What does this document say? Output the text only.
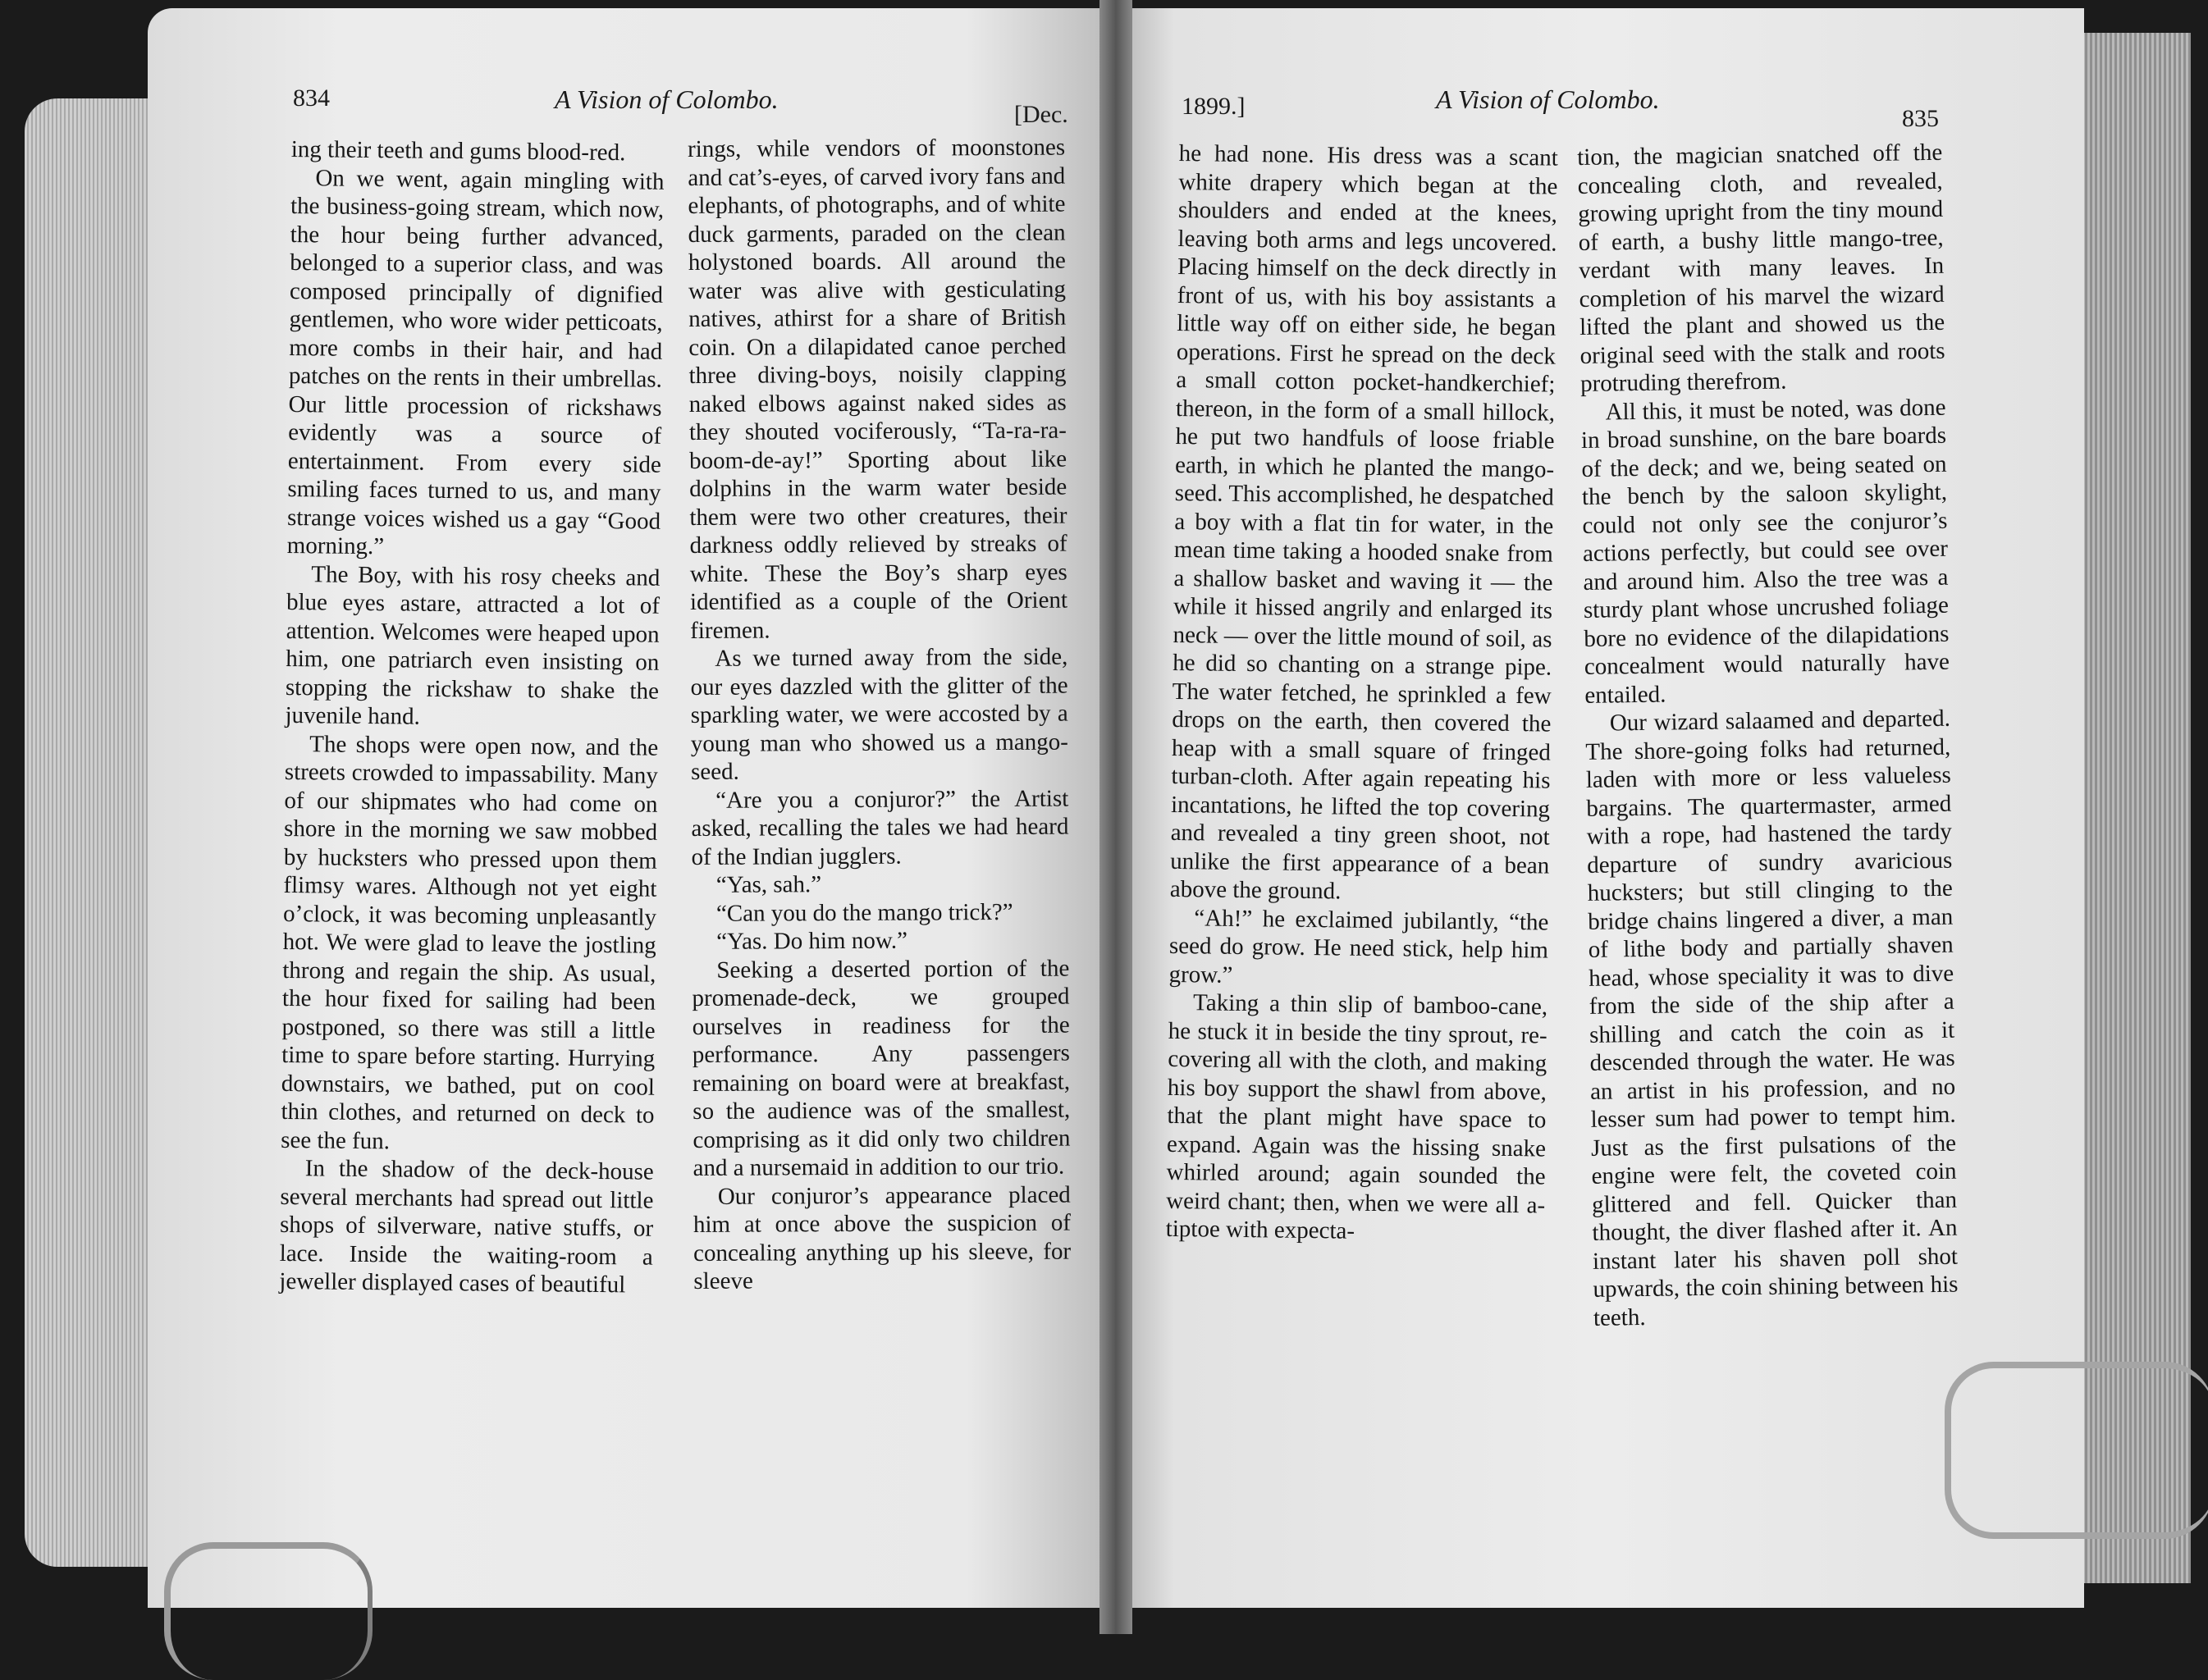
834	A Vision of Colombo.
[Dec.	1899.]	A Vision of Colombo.
835

ing their teeth and gums blood-red.

On we went, again mingling with the business-going stream, which now, the hour being further advanced, belonged to a superior class, and was composed principally of dignified gentlemen, who wore wider petticoats, more combs in their hair, and had patches on the rents in their umbrellas. Our little procession of rickshaws evidently was a source of entertainment. From every side smiling faces turned to us, and many strange voices wished us a gay “Good morning.”

The Boy, with his rosy cheeks and blue eyes astare, attracted a lot of attention. Welcomes were heaped upon him, one patriarch even insisting on stopping the rickshaw to shake the juvenile hand.

The shops were open now, and the streets crowded to impassability. Many of our shipmates who had come on shore in the morning we saw mobbed by hucksters who pressed upon them flimsy wares. Although not yet eight o’clock, it was becoming unpleasantly hot. We were glad to leave the jostling throng and regain the ship. As usual, the hour fixed for sailing had been postponed, so there was still a little time to spare before starting. Hurrying downstairs, we bathed, put on cool thin clothes, and returned on deck to see the fun.

In the shadow of the deck-house several merchants had spread out little shops of silverware, native stuffs, or lace. Inside the waiting-room a jeweller displayed cases of beautiful

rings, while vendors of moonstones and cat’s-eyes, of carved ivory fans and elephants, of photographs, and of white duck garments, paraded on the clean holystoned boards. All around the water was alive with gesticulating natives, athirst for a share of British coin. On a dilapidated canoe perched three diving-boys, noisily clapping naked elbows against naked sides as they shouted vociferously, “Ta-ra-ra-boom-de-ay!” Sporting about like dolphins in the warm water beside them were two other creatures, their darkness oddly relieved by streaks of white. These the Boy’s sharp eyes identified as a couple of the Orient firemen.

As we turned away from the side, our eyes dazzled with the glitter of the sparkling water, we were accosted by a young man who showed us a mango-seed.

“Are you a conjuror?” the Artist asked, recalling the tales we had heard of the Indian jugglers.

“Yas, sah.”

“Can you do the mango trick?”

“Yas. Do him now.”

Seeking a deserted portion of the promenade-deck, we grouped ourselves in readiness for the performance. Any passengers remaining on board were at breakfast, so the audience was of the smallest, comprising as it did only two children and a nursemaid in addition to our trio.

Our conjuror’s appearance placed him at once above the suspicion of concealing anything up his sleeve, for sleeve

he had none. His dress was a scant white drapery which began at the shoulders and ended at the knees, leaving both arms and legs uncovered. Placing himself on the deck directly in front of us, with his boy assistants a little way off on either side, he began operations. First he spread on the deck a small cotton pocket-handkerchief; thereon, in the form of a small hillock, he put two handfuls of loose friable earth, in which he planted the mango-seed. This accomplished, he despatched a boy with a flat tin for water, in the mean time taking a hooded snake from a shallow basket and waving it — the while it hissed angrily and enlarged its neck — over the little mound of soil, as he did so chanting on a strange pipe. The water fetched, he sprinkled a few drops on the earth, then covered the heap with a small square of fringed turban-cloth. After again repeating his incantations, he lifted the top covering and revealed a tiny green shoot, not unlike the first appearance of a bean above the ground.

“Ah!” he exclaimed jubilantly, “the seed do grow. He need stick, help him grow.”

Taking a thin slip of bamboo-cane, he stuck it in beside the tiny sprout, re-covering all with the cloth, and making his boy support the shawl from above, that the plant might have space to expand. Again was the hissing snake whirled around; again sounded the weird chant; then, when we were all a-tiptoe with expecta-

tion, the magician snatched off the concealing cloth, and revealed, growing upright from the tiny mound of earth, a bushy little mango-tree, verdant with many leaves. In completion of his marvel the wizard lifted the plant and showed us the original seed with the stalk and roots protruding therefrom.

All this, it must be noted, was done in broad sunshine, on the bare boards of the deck; and we, being seated on the bench by the saloon skylight, could not only see the conjuror’s actions perfectly, but could see over and around him. Also the tree was a sturdy plant whose uncrushed foliage bore no evidence of the dilapidations concealment would naturally have entailed.

Our wizard salaamed and departed. The shore-going folks had returned, laden with more or less valueless bargains. The quartermaster, armed with a rope, had hastened the tardy departure of sundry avaricious hucksters; but still clinging to the bridge chains lingered a diver, a man of lithe body and partially shaven head, whose speciality it was to dive from the side of the ship after a shilling and catch the coin as it descended through the water. He was an artist in his profession, and no lesser sum had power to tempt him. Just as the first pulsations of the engine were felt, the coveted coin glittered and fell. Quicker than thought, the diver flashed after it. An instant later his shaven poll shot upwards, the coin shining between his teeth.
